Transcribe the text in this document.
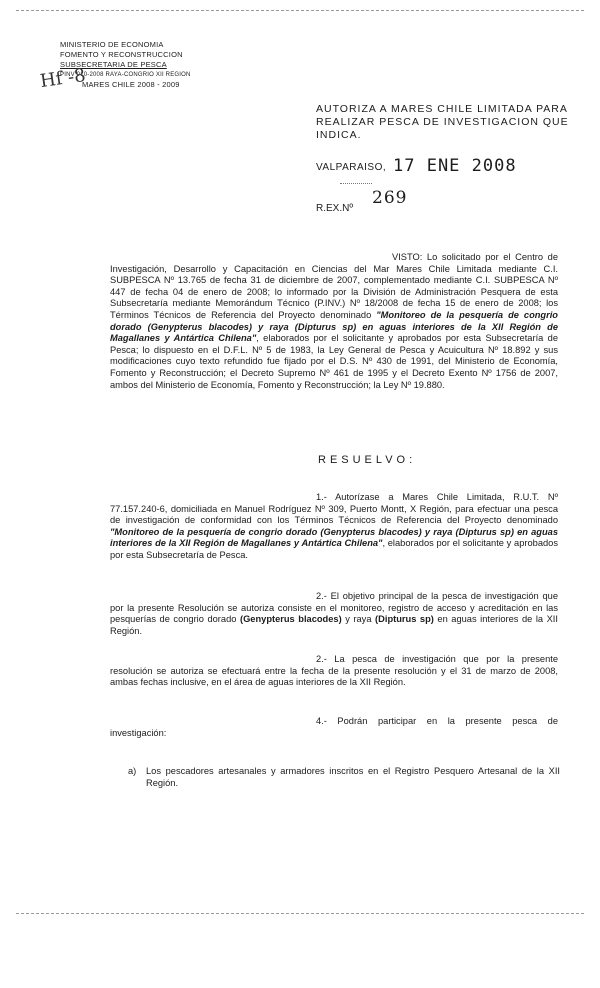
MINISTERIO DE ECONOMIA
FOMENTO Y RECONSTRUCCION
SUBSECRETARIA DE PESCA
PINV 010-2008 RAYA-CONGRIO XII REGION
MARES CHILE 2008 - 2009
Hf -8
AUTORIZA A MARES CHILE LIMITADA PARA REALIZAR PESCA DE INVESTIGACION QUE INDICA.
VALPARAISO, 17 ENE 2008
R.EX.Nº
269
VISTO: Lo solicitado por el Centro de Investigación, Desarrollo y Capacitación en Ciencias del Mar Mares Chile Limitada mediante C.I. SUBPESCA Nº 13.765 de fecha 31 de diciembre de 2007, complementado mediante C.I. SUBPESCA Nº 447 de fecha 04 de enero de 2008; lo informado por la División de Administración Pesquera de esta Subsecretaría mediante Memorándum Técnico (P.INV.) Nº 18/2008 de fecha 15 de enero de 2008; los Términos Técnicos de Referencia del Proyecto denominado "Monitoreo de la pesquería de congrio dorado (Genypterus blacodes) y raya (Dipturus sp) en aguas interiores de la XII Región de Magallanes y Antártica Chilena", elaborados por el solicitante y aprobados por esta Subsecretaría de Pesca; lo dispuesto en el D.F.L. Nº 5 de 1983, la Ley General de Pesca y Acuicultura Nº 18.892 y sus modificaciones cuyo texto refundido fue fijado por el D.S. Nº 430 de 1991, del Ministerio de Economía, Fomento y Reconstrucción; el Decreto Supremo Nº 461 de 1995 y el Decreto Exento Nº 1756 de 2007, ambos del Ministerio de Economía, Fomento y Reconstrucción; la Ley Nº 19.880.
RESUELVO:
1.- Autorízase a Mares Chile Limitada, R.U.T. Nº 77.157.240-6, domiciliada en Manuel Rodríguez Nº 309, Puerto Montt, X Región, para efectuar una pesca de investigación de conformidad con los Términos Técnicos de Referencia del Proyecto denominado "Monitoreo de la pesquería de congrio dorado (Genypterus blacodes) y raya (Dipturus sp) en aguas interiores de la XII Región de Magallanes y Antártica Chilena", elaborados por el solicitante y aprobados por esta Subsecretaría de Pesca.
2.- El objetivo principal de la pesca de investigación que por la presente Resolución se autoriza consiste en el monitoreo, registro de acceso y acreditación en las pesquerías de congrio dorado (Genypterus blacodes) y raya (Dipturus sp) en aguas interiores de la XII Región.
2.- La pesca de investigación que por la presente resolución se autoriza se efectuará entre la fecha de la presente resolución y el 31 de marzo de 2008, ambas fechas inclusive, en el área de aguas interiores de la XII Región.
4.- Podrán participar en la presente pesca de investigación:
a) Los pescadores artesanales y armadores inscritos en el Registro Pesquero Artesanal de la XII Región.
